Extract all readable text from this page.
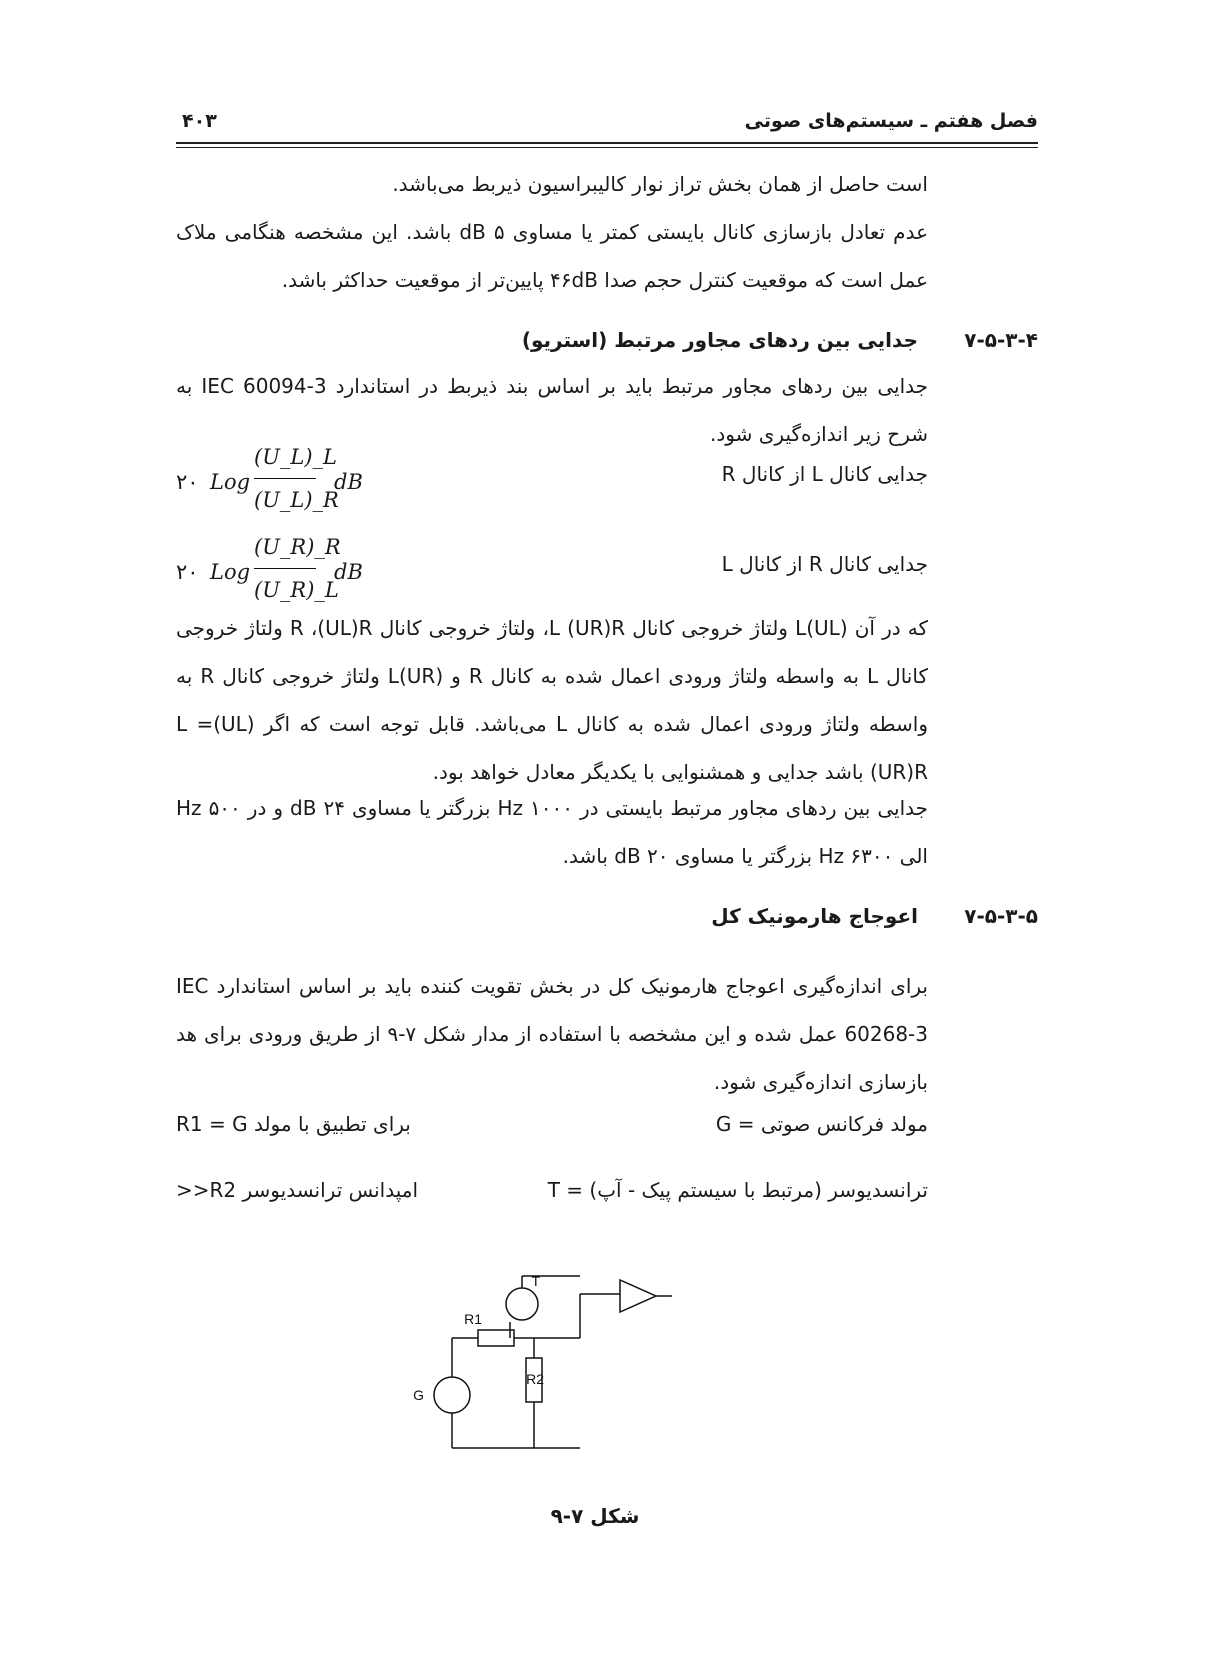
فصل هفتم ـ سیستم‌های صوتی
۴۰۳

است حاصل از همان بخش تراز نوار کالیبراسیون ذیربط می‌باشد.

عدم تعادل بازسازی کانال بایستی کمتر یا مساوی dB ۵ باشد. این مشخصه هنگامی ملاک عمل است که موقعیت کنترل حجم صدا ۴۶dB پایین‌تر از موقعیت حداکثر باشد.

۷-۵-۳-۴
جدایی بین ردهای مجاور مرتبط (استریو)

جدایی بین ردهای مجاور مرتبط باید بر اساس بند ذیربط در استاندارد IEC 60094-3 به شرح زیر اندازه‌گیری شود.

جدایی کانال L از کانال R
۲۰ Log
(U_L)_L
(U_L)_R
dB
جدایی کانال R از کانال L
۲۰ Log
(U_R)_R
(U_R)_L
dB

که در آن (UL)L ولتاژ خروجی کانال L (UR)R، ولتاژ خروجی کانال R ،(UL)R ولتاژ خروجی کانال L به واسطه ولتاژ ورودی اعمال شده به کانال R و (UR)L ولتاژ خروجی کانال R به واسطه ولتاژ ورودی اعمال شده به کانال L می‌باشد. قابل توجه است که اگر (UL)L = (UR)R باشد جدایی و همشنوایی با یکدیگر معادل خواهد بود.

جدایی بین ردهای مجاور مرتبط بایستی در ۱۰۰۰ Hz بزرگتر یا مساوی ۲۴ dB و در ۵۰۰ Hz الی ۶۳۰۰ Hz بزرگتر یا مساوی ۲۰ dB باشد.

۷-۵-۳-۵
اعوجاج هارمونیک کل

برای اندازه‌گیری اعوجاج هارمونیک کل در بخش تقویت کننده باید بر اساس استاندارد IEC 60268-3 عمل شده و این مشخصه با استفاده از مدار شکل ۷-۹ از طریق ورودی برای هد بازسازی اندازه‌گیری شود.

مولد فرکانس صوتی = G
برای تطبیق با مولد R1 = G
ترانسدیوسر (مرتبط با سیستم پیک - آپ) = T
امپدانس ترانسدیوسر R2<<
G
T
R1
R2
شکل ۷-۹
